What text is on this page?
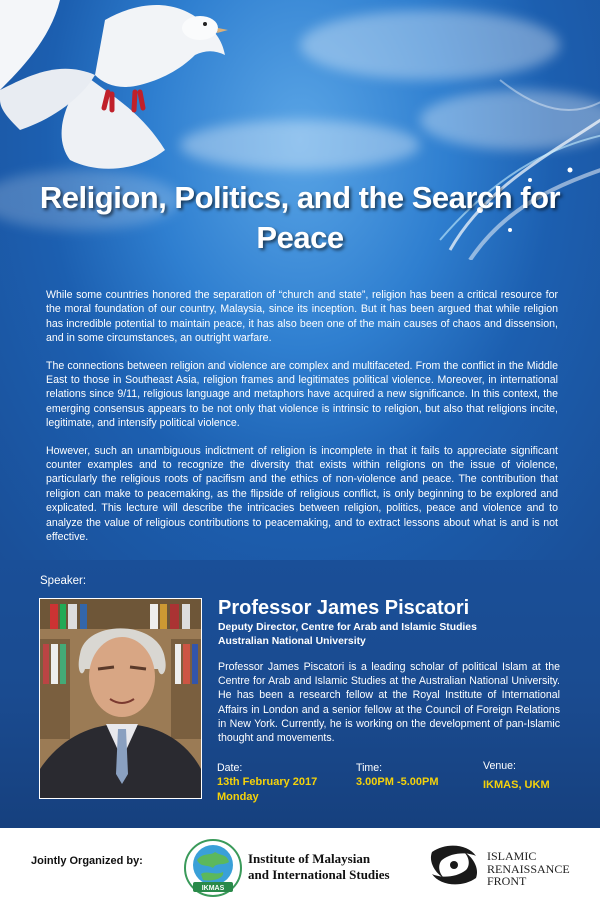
Religion, Politics, and the Search for Peace

While some countries honored the separation of “church and state”, religion has been a critical resource for the moral foundation of our country, Malaysia, since its inception. But it has been argued that while religion has incredible potential to maintain peace, it has also been one of the main causes of chaos and dissension, and in some circumstances, an outright warfare.

The connections between religion and violence are complex and multifaceted. From the conflict in the Middle East to those in Southeast Asia, religion frames and legitimates political violence. Moreover, in international relations since 9/11, religious language and metaphors have acquired a new significance. In this context, the emerging consensus appears to be not only that violence is intrinsic to religion, but also that religions incite, legitimate, and intensify political violence.

However, such an unambiguous indictment of religion is incomplete in that it fails to appreciate significant counter examples and to recognize the diversity that exists within religions on the issue of violence, particularly the religious roots of pacifism and the ethics of non-violence and peace. The contribution that religion can make to peacemaking, as the flipside of religious conflict, is only beginning to be explored and explicated. This lecture will describe the intricacies between religion, politics, peace and violence and to analyze the value of religious contributions to peacemaking, and to extract lessons about what is and is not effective.

Speaker:
Professor James Piscatori
Deputy Director, Centre for Arab and Islamic Studies
Australian National University
Professor James Piscatori is a leading scholar of political Islam at the Centre for Arab and Islamic Studies at the Australian National University. He has been a research fellow at the Royal Institute of International Affairs in London and a senior fellow at the Council of Foreign Relations in New York. Currently, he is working on the development of pan-Islamic thought and movements.
Date:
13th February 2017
Monday
Time:
3.00PM -5.00PM
Venue:
IKMAS, UKM
Jointly Organized by:
IKMAS
Institute of Malaysian
and International Studies
ISLAMIC
RENAISSANCE
FRONT
